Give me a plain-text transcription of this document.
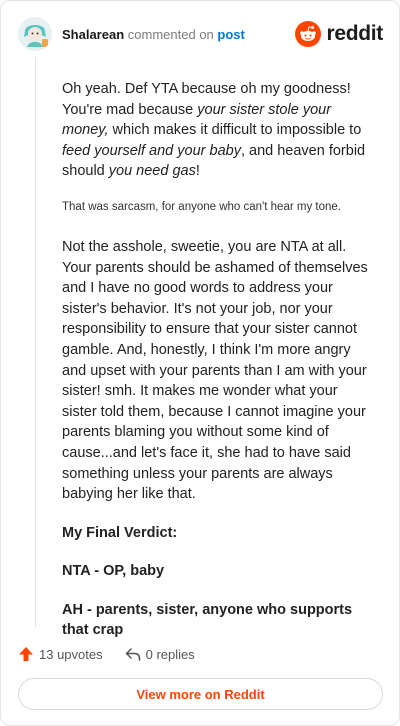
Shalarean commented on post	reddit

Oh yeah. Def YTA because oh my goodness! You're mad because your sister stole your money, which makes it difficult to impossible to feed yourself and your baby, and heaven forbid should you need gas!

That was sarcasm, for anyone who can't hear my tone.

Not the asshole, sweetie, you are NTA at all. Your parents should be ashamed of themselves and I have no good words to address your sister's behavior. It's not your job, nor your responsibility to ensure that your sister cannot gamble. And, honestly, I think I'm more angry and upset with your parents than I am with your sister! smh. It makes me wonder what your sister told them, because I cannot imagine your parents blaming you without some kind of cause...and let's face it, she had to have said something unless your parents are always babying her like that.

My Final Verdict:

NTA - OP, baby

AH - parents, sister, anyone who supports that crap

13 upvotes	0 replies
View more on Reddit
